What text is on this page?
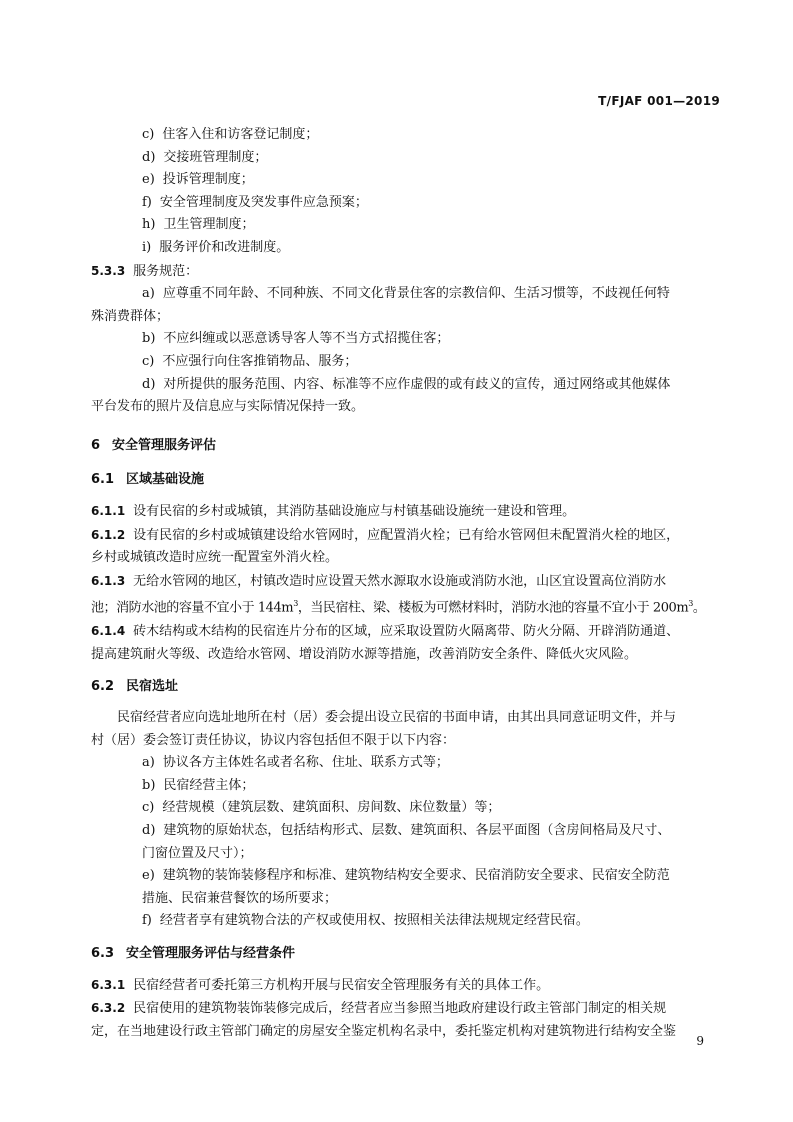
T/FJAF 001—2019
c) 住客入住和访客登记制度；
d) 交接班管理制度；
e) 投诉管理制度；
f) 安全管理制度及突发事件应急预案；
h) 卫生管理制度；
i) 服务评价和改进制度。
5.3.3 服务规范：
a) 应尊重不同年龄、不同种族、不同文化背景住客的宗教信仰、生活习惯等，不歧视任何特
殊消费群体；
b) 不应纠缠或以恶意诱导客人等不当方式招揽住客；
c) 不应强行向住客推销物品、服务；
d) 对所提供的服务范围、内容、标准等不应作虚假的或有歧义的宣传，通过网络或其他媒体
平台发布的照片及信息应与实际情况保持一致。
6 安全管理服务评估
6.1 区域基础设施
6.1.1 设有民宿的乡村或城镇，其消防基础设施应与村镇基础设施统一建设和管理。
6.1.2 设有民宿的乡村或城镇建设给水管网时，应配置消火栓；已有给水管网但未配置消火栓的地区，
乡村或城镇改造时应统一配置室外消火栓。
6.1.3 无给水管网的地区，村镇改造时应设置天然水源取水设施或消防水池，山区宜设置高位消防水
池；消防水池的容量不宜小于 $144m^3$，当民宿柱、梁、楼板为可燃材料时，消防水池的容量不宜小于 $200m^3$。
6.1.4 砖木结构或木结构的民宿连片分布的区域，应采取设置防火隔离带、防火分隔、开辟消防通道、
提高建筑耐火等级、改造给水管网、增设消防水源等措施，改善消防安全条件、降低火灾风险。
6.2 民宿选址
民宿经营者应向选址地所在村（居）委会提出设立民宿的书面申请，由其出具同意证明文件，并与
村（居）委会签订责任协议，协议内容包括但不限于以下内容：
a) 协议各方主体姓名或者名称、住址、联系方式等；
b) 民宿经营主体；
c) 经营规模（建筑层数、建筑面积、房间数、床位数量）等；
d) 建筑物的原始状态，包括结构形式、层数、建筑面积、各层平面图（含房间格局及尺寸、
门窗位置及尺寸）；
e) 建筑物的装饰装修程序和标准、建筑物结构安全要求、民宿消防安全要求、民宿安全防范
措施、民宿兼营餐饮的场所要求；
f) 经营者享有建筑物合法的产权或使用权、按照相关法律法规规定经营民宿。
6.3 安全管理服务评估与经营条件
6.3.1 民宿经营者可委托第三方机构开展与民宿安全管理服务有关的具体工作。
6.3.2 民宿使用的建筑物装饰装修完成后，经营者应当参照当地政府建设行政主管部门制定的相关规
定，在当地建设行政主管部门确定的房屋安全鉴定机构名录中，委托鉴定机构对建筑物进行结构安全鉴
9
